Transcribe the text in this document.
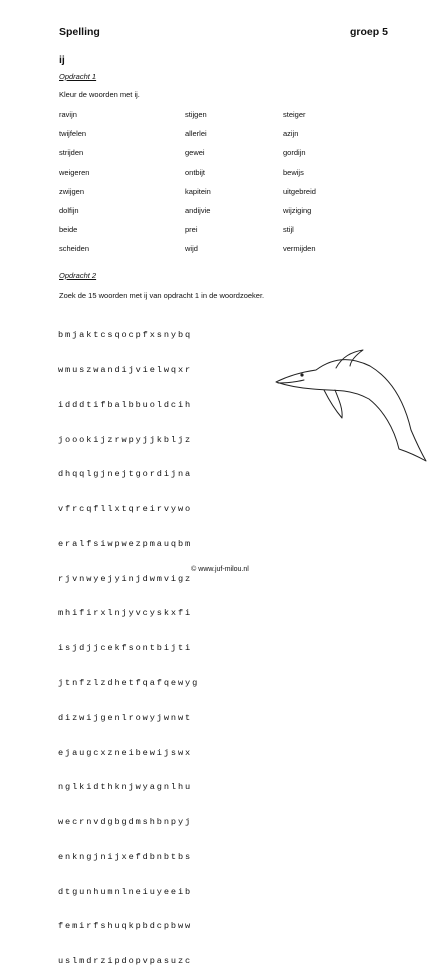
Spelling	groep 5
ij
Opdracht 1
Kleur de woorden met ij.
ravijn	stijgen	steiger
twijfelen	allerlei	azijn
strijden	gewei	gordijn
weigeren	ontbijt	bewijs
zwijgen	kapitein	uitgebreid
dolfijn	andijvie	wijziging
beide	prei	stijl
scheiden	wijd	vermijden
Opdracht 2
Zoek de 15 woorden met ij van opdracht 1 in de woordzoeker.

bmjaktcsqocpfxsnybq

wmuszwandijvielwqxr

idddtifbalbbuoldcih

joookijzrwpyjjkbljz

dhqqlgjnejtgordijna

vfrcqfllxtqreirvywo

eralfsiwpwezpmauqbm

rjvnwyejyinjdwmvigz

mhifirxlnjyvcyskxfi

isjdjjcekfsontbijti

jtnfzlzdhetfqafqewyg

dizwijgenlrowyjwnwt

ejaugcxzneibewijswx

nglkidthknjwyagnlhu

wecrnvdgbgdmshbnpyj

enkngjnijxefdbnbtbs

dtgunhumnlneiuyeeib

femirfshuqkpbdcpbww

uslmdrzipdopvpasuzc

© www.juf-milou.nl
